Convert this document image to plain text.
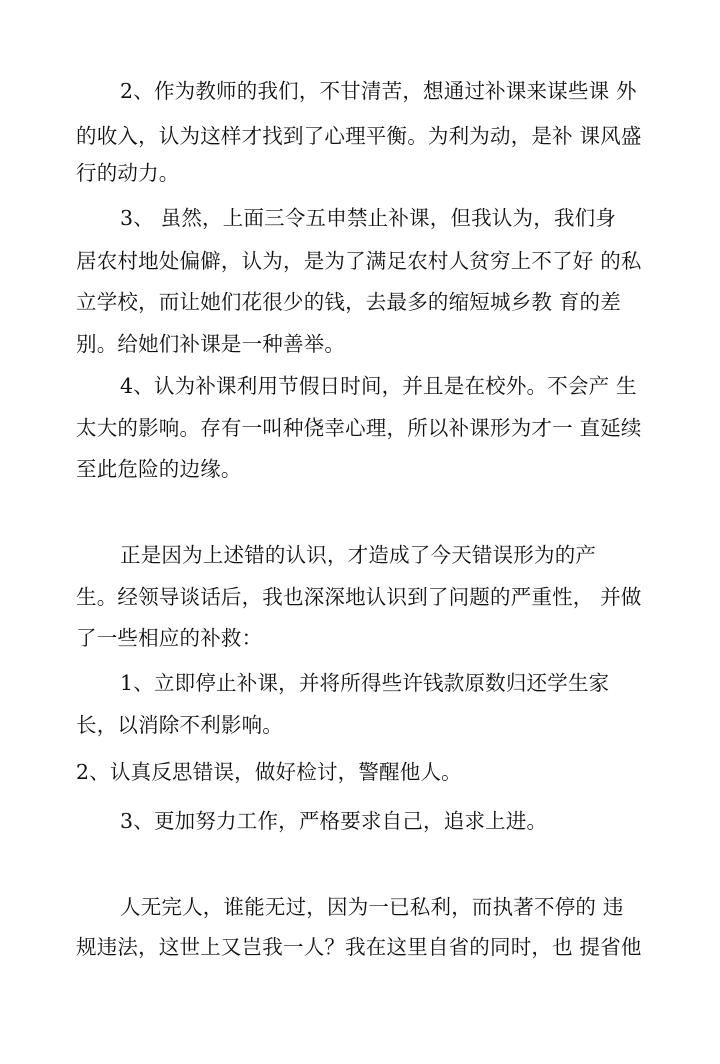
2、作为教师的我们，不甘清苦，想通过补课来谋些课 外
的收入，认为这样才找到了心理平衡。为利为动，是补 课风盛
行的动力。
3、 虽然，上面三令五申禁止补课，但我认为，我们身
居农村地处偏僻，认为，是为了满足农村人贫穷上不了好 的私
立学校，而让她们花很少的钱，去最多的缩短城乡教 育的差
别。给她们补课是一种善举。
4、认为补课利用节假日时间，并且是在校外。不会产 生
太大的影响。存有一叫种侥幸心理，所以补课形为才一 直延续
至此危险的边缘。
正是因为上述错的认识，才造成了今天错误形为的产
生。经领导谈话后，我也深深地认识到了问题的严重性， 并做
了一些相应的补救：
1、立即停止补课，并将所得些许钱款原数归还学生家
长，以消除不利影响。
2、认真反思错误，做好检讨，警醒他人。
3、更加努力工作，严格要求自己，追求上进。
人无完人，谁能无过，因为一已私利，而执著不停的 违
规违法，这世上又岂我一人？我在这里自省的同时，也 提省他
